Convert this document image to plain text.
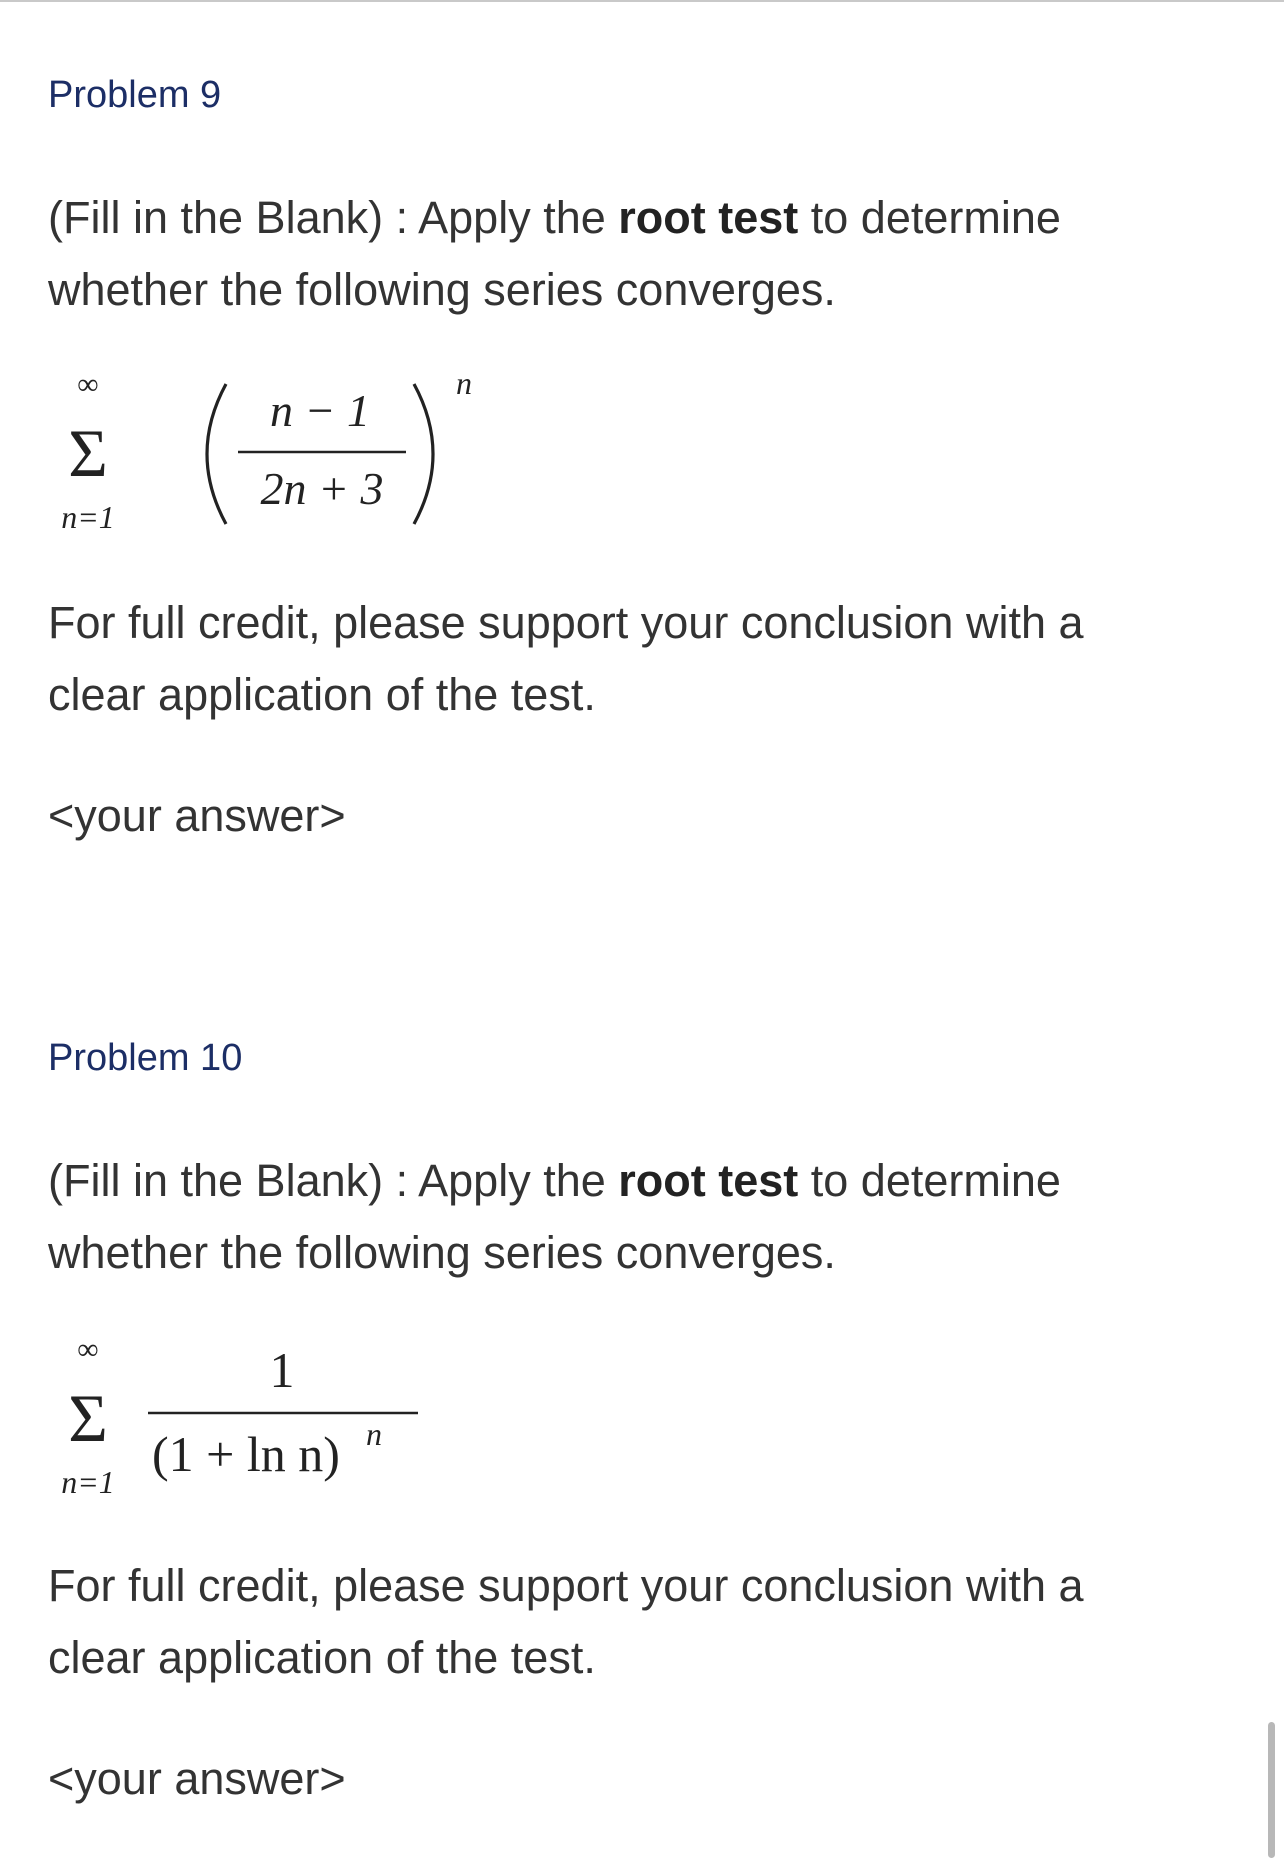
Problem 9
(Fill in the Blank) : Apply the root test to determine
whether the following series converges.
∞
Σ
n=1
n − 1
2n + 3
n
For full credit, please support your conclusion with a
clear application of the test.
<your answer>
Problem 10
(Fill in the Blank) : Apply the root test to determine
whether the following series converges.
∞
Σ
n=1
1
(1 + ln n) n
For full credit, please support your conclusion with a
clear application of the test.
<your answer>
